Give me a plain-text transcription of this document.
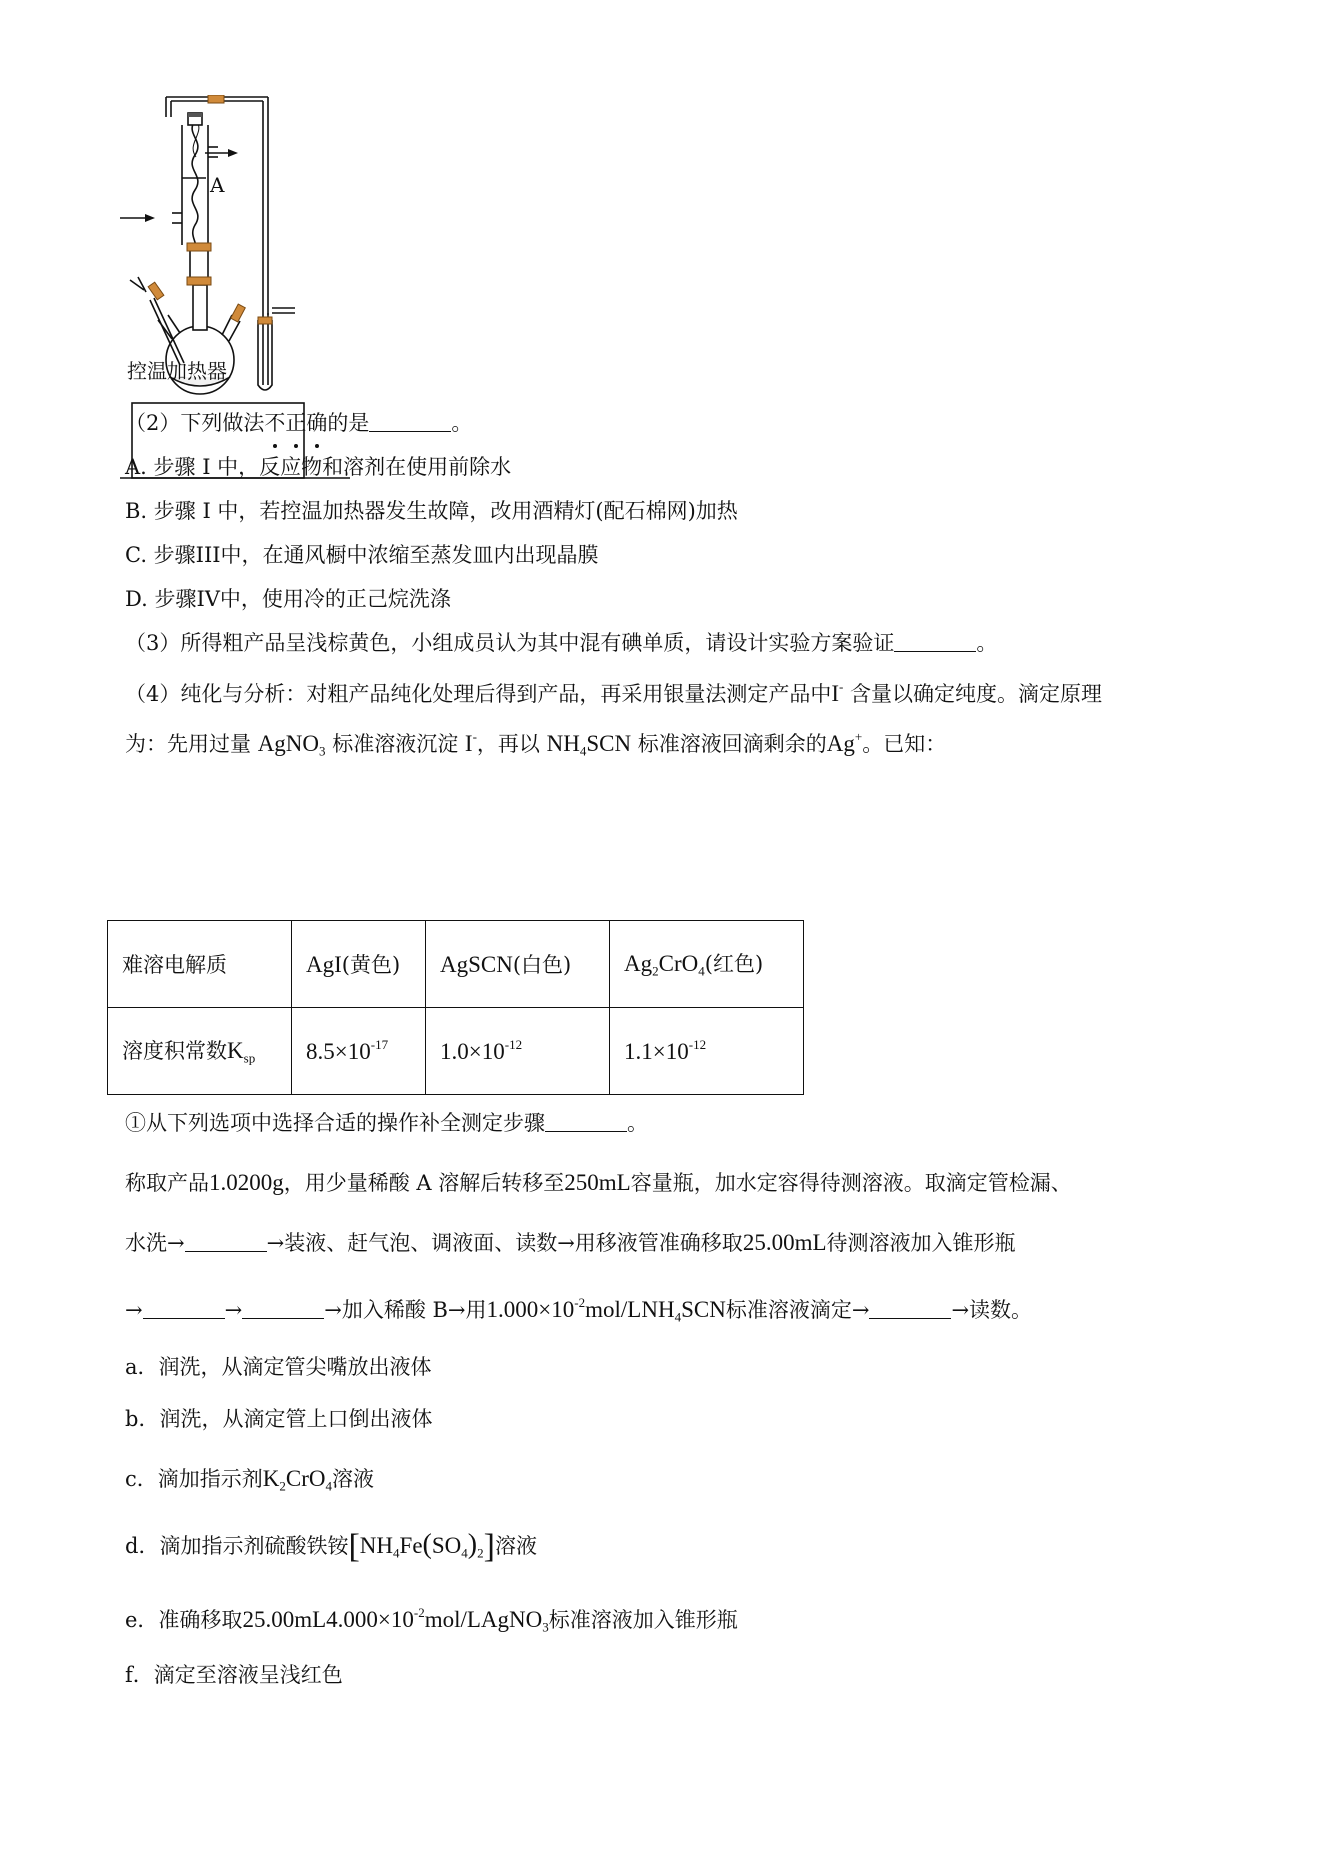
A
控温加热器
（2）下列做法不正确的是	。
A. 步骤 I 中，反应物和溶剂在使用前除水
B. 步骤 I 中，若控温加热器发生故障，改用酒精灯(配石棉网)加热
C. 步骤III中，在通风橱中浓缩至蒸发皿内出现晶膜
D. 步骤IV中，使用冷的正己烷洗涤
（3）所得粗产品呈浅棕黄色，小组成员认为其中混有碘单质，请设计实验方案验证	。
（4）纯化与分析：对粗产品纯化处理后得到产品，再采用银量法测定产品中I- 含量以确定纯度。滴定原理
为：先用过量 AgNO$_3$ 标准溶液沉淀 I-，再以 $NH_4SCN$ 标准溶液回滴剩余的Ag+。已知：
难溶电解质	AgI(黄色)	AgSCN(白色)	$Ag_2CrO_4$(红色)
溶度积常数$K_{sp}$	$8.5\times 10^{-17}$	$1.0\times 10^{-12}$	$1.1\times 10^{-12}$
①从下列选项中选择合适的操作补全测定步骤	。
称取产品1.0200g，用少量稀酸 A 溶解后转移至250mL容量瓶，加水定容得待测溶液。取滴定管检漏、
水洗→	→装液、赶气泡、调液面、读数→用移液管准确移取25.00mL待测溶液加入锥形瓶
→	→	→加入稀酸 B→用$1.000\times 10^{-2}mol/LNH_4SCN$标准溶液滴定→	→读数。
a．润洗，从滴定管尖嘴放出液体
b．润洗，从滴定管上口倒出液体
c．滴加指示剂$K_2CrO_4$溶液
d．滴加指示剂硫酸铁铵$[NH_4Fe(SO_4)_2]$溶液
e．准确移取$25.00mL4.000\times 10^{-2}mol/LAgNO_3$标准溶液加入锥形瓶
f．滴定至溶液呈浅红色
